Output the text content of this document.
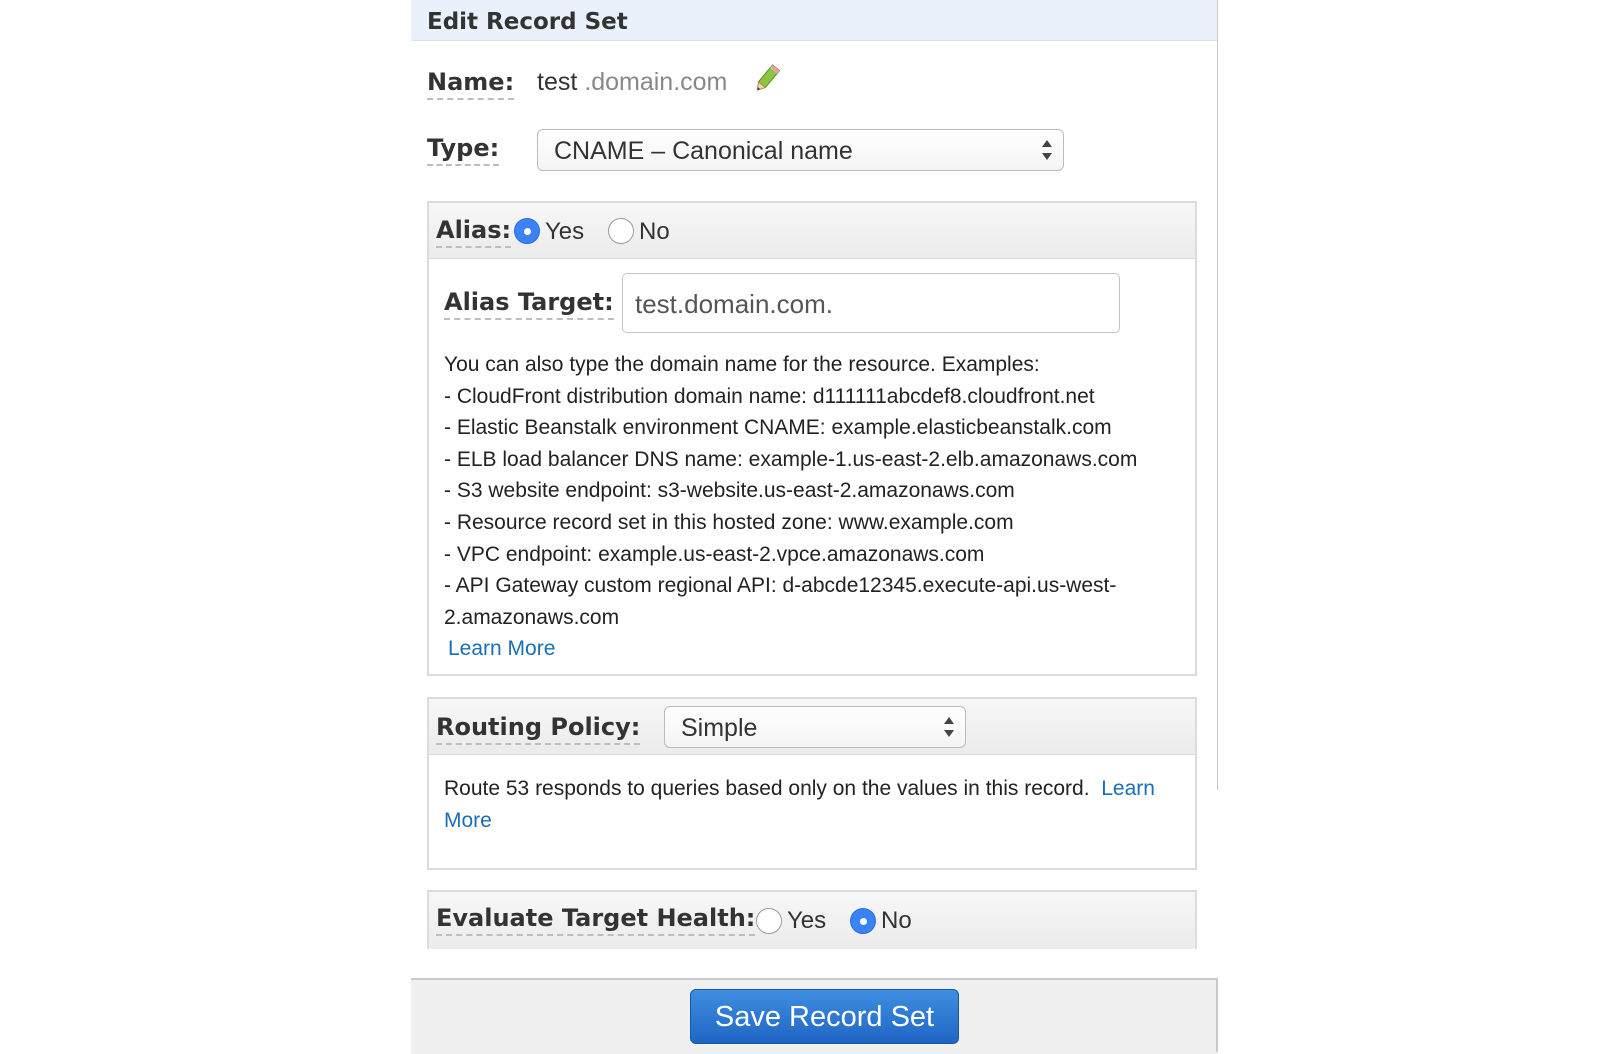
Edit Record Set
Name: test .domain.com
Type: CNAME – Canonical name
Alias: Yes No
Alias Target: test.domain.com.
You can also type the domain name for the resource. Examples:
- CloudFront distribution domain name: d111111abcdef8.cloudfront.net
- Elastic Beanstalk environment CNAME: example.elasticbeanstalk.com
- ELB load balancer DNS name: example-1.us-east-2.elb.amazonaws.com
- S3 website endpoint: s3-website.us-east-2.amazonaws.com
- Resource record set in this hosted zone: www.example.com
- VPC endpoint: example.us-east-2.vpce.amazonaws.com
- API Gateway custom regional API: d-abcde12345.execute-api.us-west-
2.amazonaws.com
Learn More
Routing Policy: Simple
Route 53 responds to queries based only on the values in this record. Learn More
Evaluate Target Health: Yes No
Save Record Set
